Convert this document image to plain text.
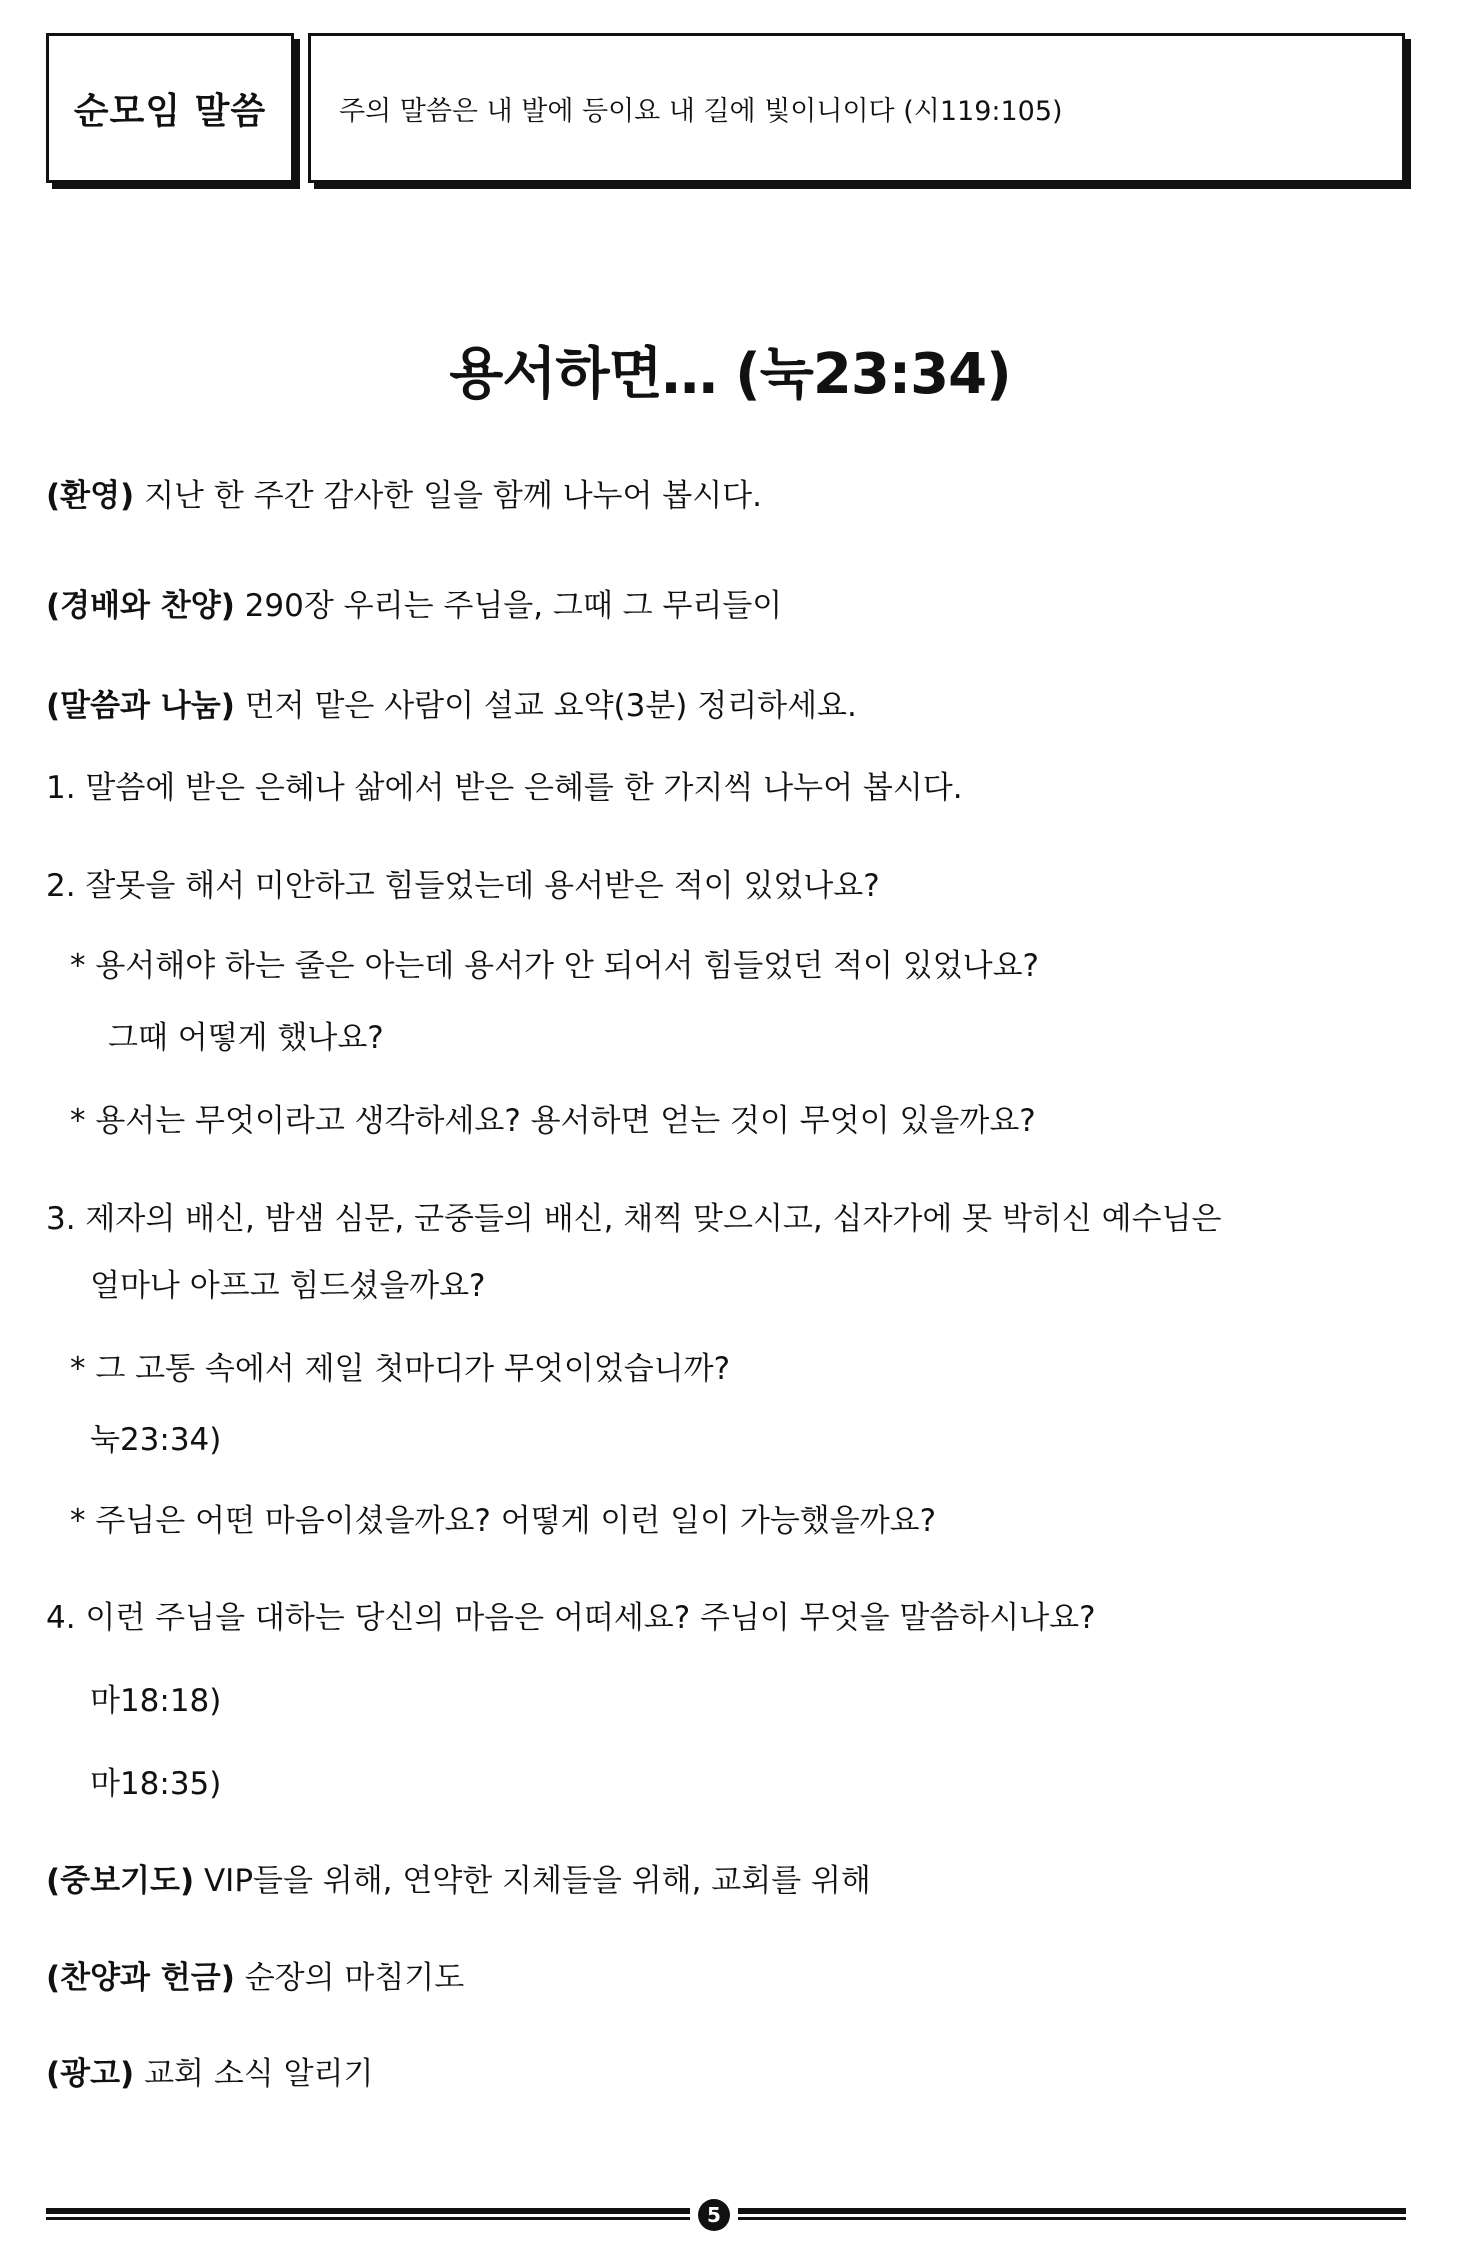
순모임 말씀	주의 말씀은 내 발에 등이요 내 길에 빛이니이다 (시119:105)
용서하면… (눅23:34)
(환영) 지난 한 주간 감사한 일을 함께 나누어 봅시다.
(경배와 찬양) 290장 우리는 주님을, 그때 그 무리들이
(말씀과 나눔) 먼저 맡은 사람이 설교 요약(3분) 정리하세요.
1. 말씀에 받은 은혜나 삶에서 받은 은혜를 한 가지씩 나누어 봅시다.
2. 잘못을 해서 미안하고 힘들었는데 용서받은 적이 있었나요?
* 용서해야 하는 줄은 아는데 용서가 안 되어서 힘들었던 적이 있었나요?
그때 어떻게 했나요?
* 용서는 무엇이라고 생각하세요? 용서하면 얻는 것이 무엇이 있을까요?
3. 제자의 배신, 밤샘 심문, 군중들의 배신, 채찍 맞으시고, 십자가에 못 박히신 예수님은
얼마나 아프고 힘드셨을까요?
* 그 고통 속에서 제일 첫마디가 무엇이었습니까?
눅23:34)
* 주님은 어떤 마음이셨을까요? 어떻게 이런 일이 가능했을까요?
4. 이런 주님을 대하는 당신의 마음은 어떠세요? 주님이 무엇을 말씀하시나요?
마18:18)
마18:35)
(중보기도) VIP들을 위해, 연약한 지체들을 위해, 교회를 위해
(찬양과 헌금) 순장의 마침기도
(광고) 교회 소식 알리기
5
